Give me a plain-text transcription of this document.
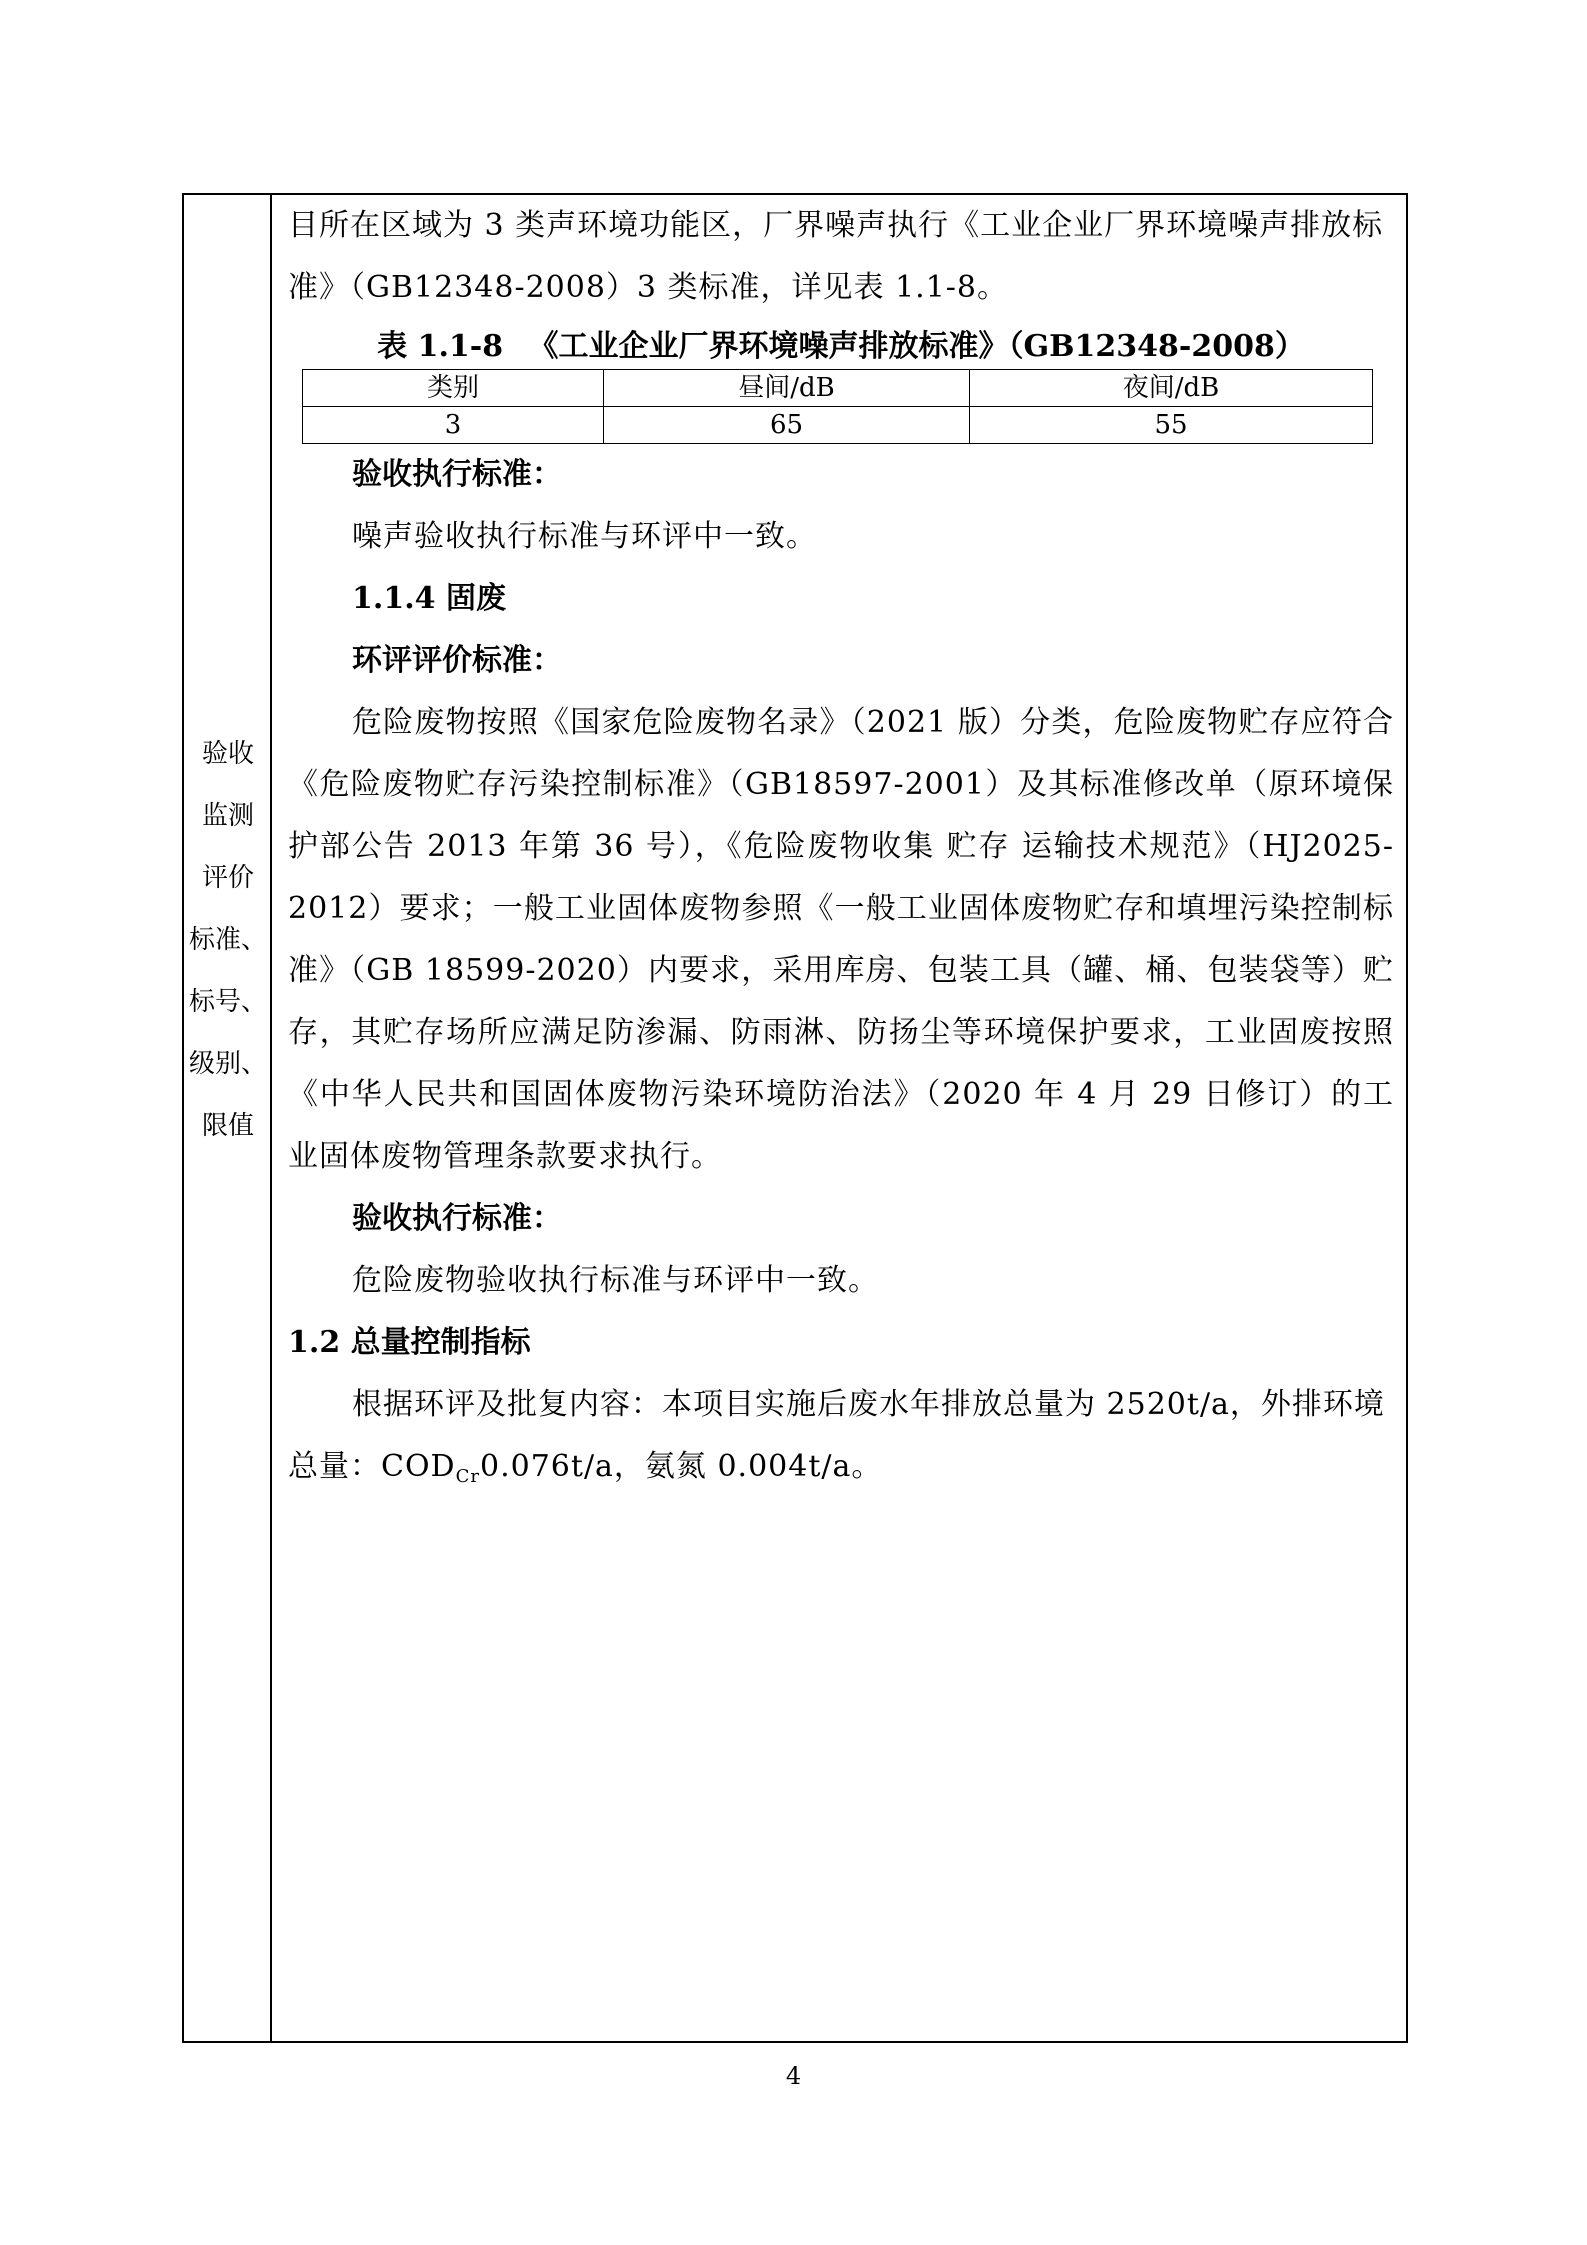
验收
监测
评价
标准、
标号、
级别、
限值

目所在区域为 3 类声环境功能区，厂界噪声执行《工业企业厂界环境噪声排放标

准》（GB12348-2008）3 类标准，详见表 1.1-8。

表 1.1-8 　《工业企业厂界环境噪声排放标准》（GB12348-2008）
类别	昼间/dB	夜间/dB
3	65	55

验收执行标准：

噪声验收执行标准与环评中一致。

1.1.4 固废

环评评价标准：

危险废物按照《国家危险废物名录》（2021 版）分类，危险废物贮存应符合《危险废物贮存污染控制标准》（GB18597-2001）及其标准修改单（原环境保护部公告 2013 年第 36 号），《危险废物收集 贮存 运输技术规范》（HJ2025-2012）要求；一般工业固体废物参照《一般工业固体废物贮存和填埋污染控制标准》（GB 18599-2020）内要求，采用库房、包装工具（罐、桶、包装袋等）贮存，其贮存场所应满足防渗漏、防雨淋、防扬尘等环境保护要求，工业固废按照《中华人民共和国固体废物污染环境防治法》（2020 年 4 月 29 日修订）的工业固体废物管理条款要求执行。

验收执行标准：

危险废物验收执行标准与环评中一致。

1.2 总量控制指标

根据环评及批复内容：本项目实施后废水年排放总量为 2520t/a，外排环境

总量：$COD_{Cr}0.076t/a$，氨氮 0.004t/a。

4
